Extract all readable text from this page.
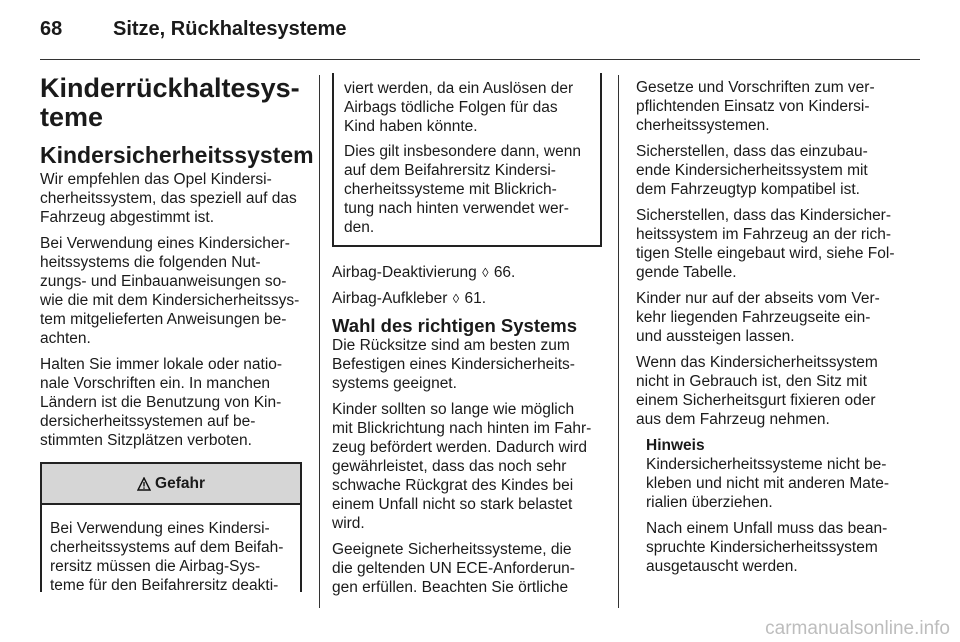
68	Sitze, Rückhaltesysteme
Kinderrückhaltesys-
teme
Kindersicherheitssystem

Wir empfehlen das Opel Kindersi-
cherheitssystem, das speziell auf das
Fahrzeug abgestimmt ist.

Bei Verwendung eines Kindersicher-
heitssystems die folgenden Nut-
zungs- und Einbauanweisungen so-
wie die mit dem Kindersicherheitssys-
tem mitgelieferten Anweisungen be-
achten.

Halten Sie immer lokale oder natio-
nale Vorschriften ein. In manchen
Ländern ist die Benutzung von Kin-
dersicherheitssystemen auf be-
stimmten Sitzplätzen verboten.

Gefahr
Bei Verwendung eines Kindersi-
cherheitssystems auf dem Beifah-
rersitz müssen die Airbag-Sys-
teme für den Beifahrersitz deakti-

viert werden, da ein Auslösen der
Airbags tödliche Folgen für das
Kind haben könnte.

Dies gilt insbesondere dann, wenn
auf dem Beifahrersitz Kindersi-
cherheitssysteme mit Blickrich-
tung nach hinten verwendet wer-
den.

Airbag-Deaktivierung ◊ 66.

Airbag-Aufkleber ◊ 61.

Wahl des richtigen Systems

Die Rücksitze sind am besten zum
Befestigen eines Kindersicherheits-
systems geeignet.

Kinder sollten so lange wie möglich
mit Blickrichtung nach hinten im Fahr-
zeug befördert werden. Dadurch wird
gewährleistet, dass das noch sehr
schwache Rückgrat des Kindes bei
einem Unfall nicht so stark belastet
wird.

Geeignete Sicherheitssysteme, die
die geltenden UN ECE-Anforderun-
gen erfüllen. Beachten Sie örtliche

Gesetze und Vorschriften zum ver-
pflichtenden Einsatz von Kindersi-
cherheitssystemen.

Sicherstellen, dass das einzubau-
ende Kindersicherheitssystem mit
dem Fahrzeugtyp kompatibel ist.

Sicherstellen, dass das Kindersicher-
heitssystem im Fahrzeug an der rich-
tigen Stelle eingebaut wird, siehe Fol-
gende Tabelle.

Kinder nur auf der abseits vom Ver-
kehr liegenden Fahrzeugseite ein-
und aussteigen lassen.

Wenn das Kindersicherheitssystem
nicht in Gebrauch ist, den Sitz mit
einem Sicherheitsgurt fixieren oder
aus dem Fahrzeug nehmen.

Hinweis

Kindersicherheitssysteme nicht be-
kleben und nicht mit anderen Mate-
rialien überziehen.

Nach einem Unfall muss das bean-
spruchte Kindersicherheitssystem
ausgetauscht werden.

carmanualsonline.info
